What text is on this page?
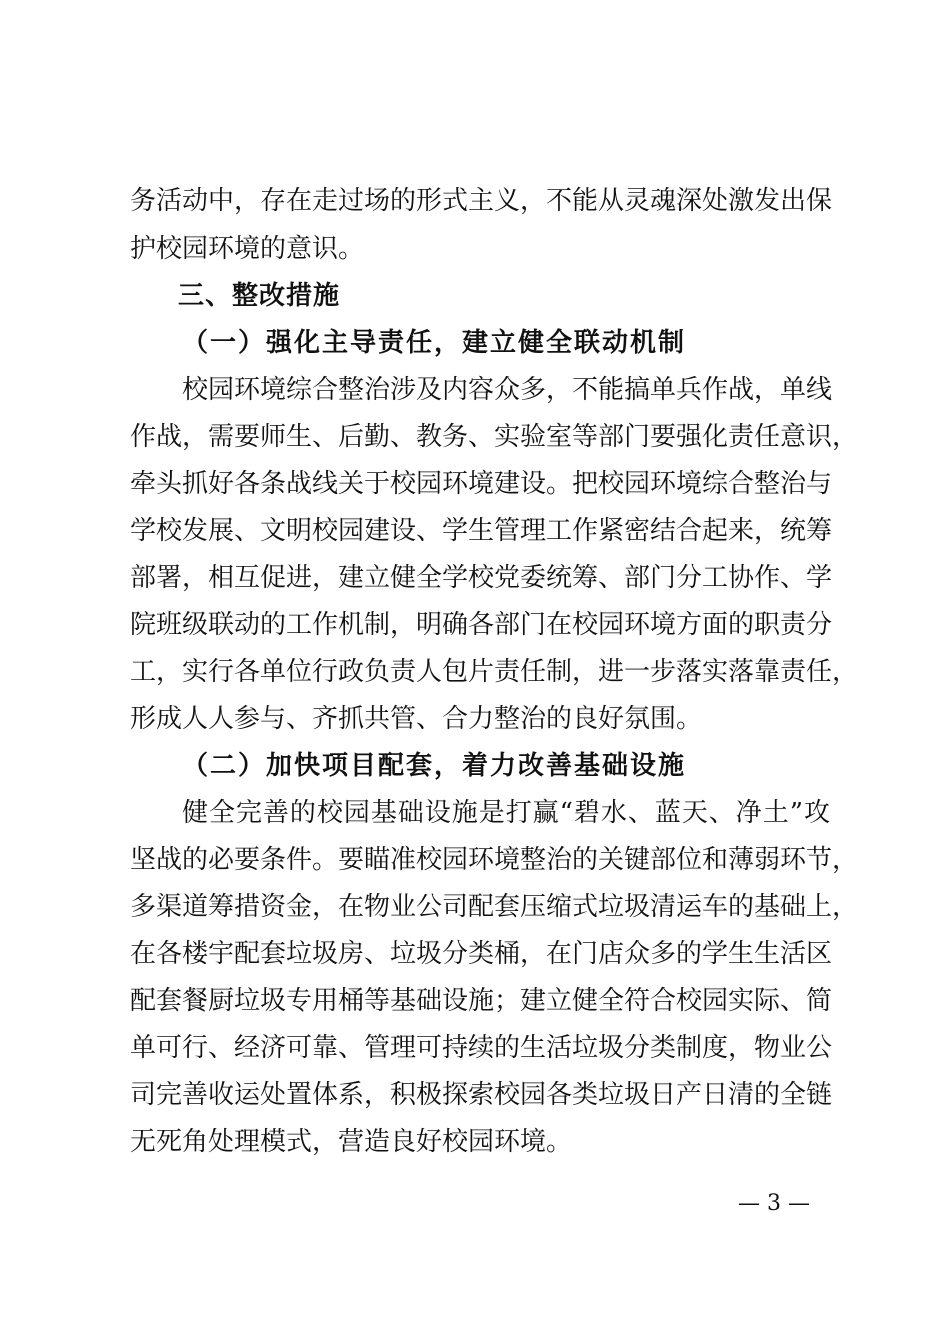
务活动中，存在走过场的形式主义，不能从灵魂深处激发出保
护校园环境的意识。
三、整改措施
（一）强化主导责任，建立健全联动机制
校园环境综合整治涉及内容众多，不能搞单兵作战，单线
作战，需要师生、后勤、教务、实验室等部门要强化责任意识，
牵头抓好各条战线关于校园环境建设。把校园环境综合整治与
学校发展、文明校园建设、学生管理工作紧密结合起来，统筹
部署，相互促进，建立健全学校党委统筹、部门分工协作、学
院班级联动的工作机制，明确各部门在校园环境方面的职责分
工，实行各单位行政负责人包片责任制，进一步落实落靠责任，
形成人人参与、齐抓共管、合力整治的良好氛围。
（二）加快项目配套，着力改善基础设施
健全完善的校园基础设施是打赢“碧水、蓝天、净土”攻
坚战的必要条件。要瞄准校园环境整治的关键部位和薄弱环节，
多渠道筹措资金，在物业公司配套压缩式垃圾清运车的基础上，
在各楼宇配套垃圾房、垃圾分类桶，在门店众多的学生生活区
配套餐厨垃圾专用桶等基础设施；建立健全符合校园实际、简
单可行、经济可靠、管理可持续的生活垃圾分类制度，物业公
司完善收运处置体系，积极探索校园各类垃圾日产日清的全链
无死角处理模式，营造良好校园环境。
— 3 —
